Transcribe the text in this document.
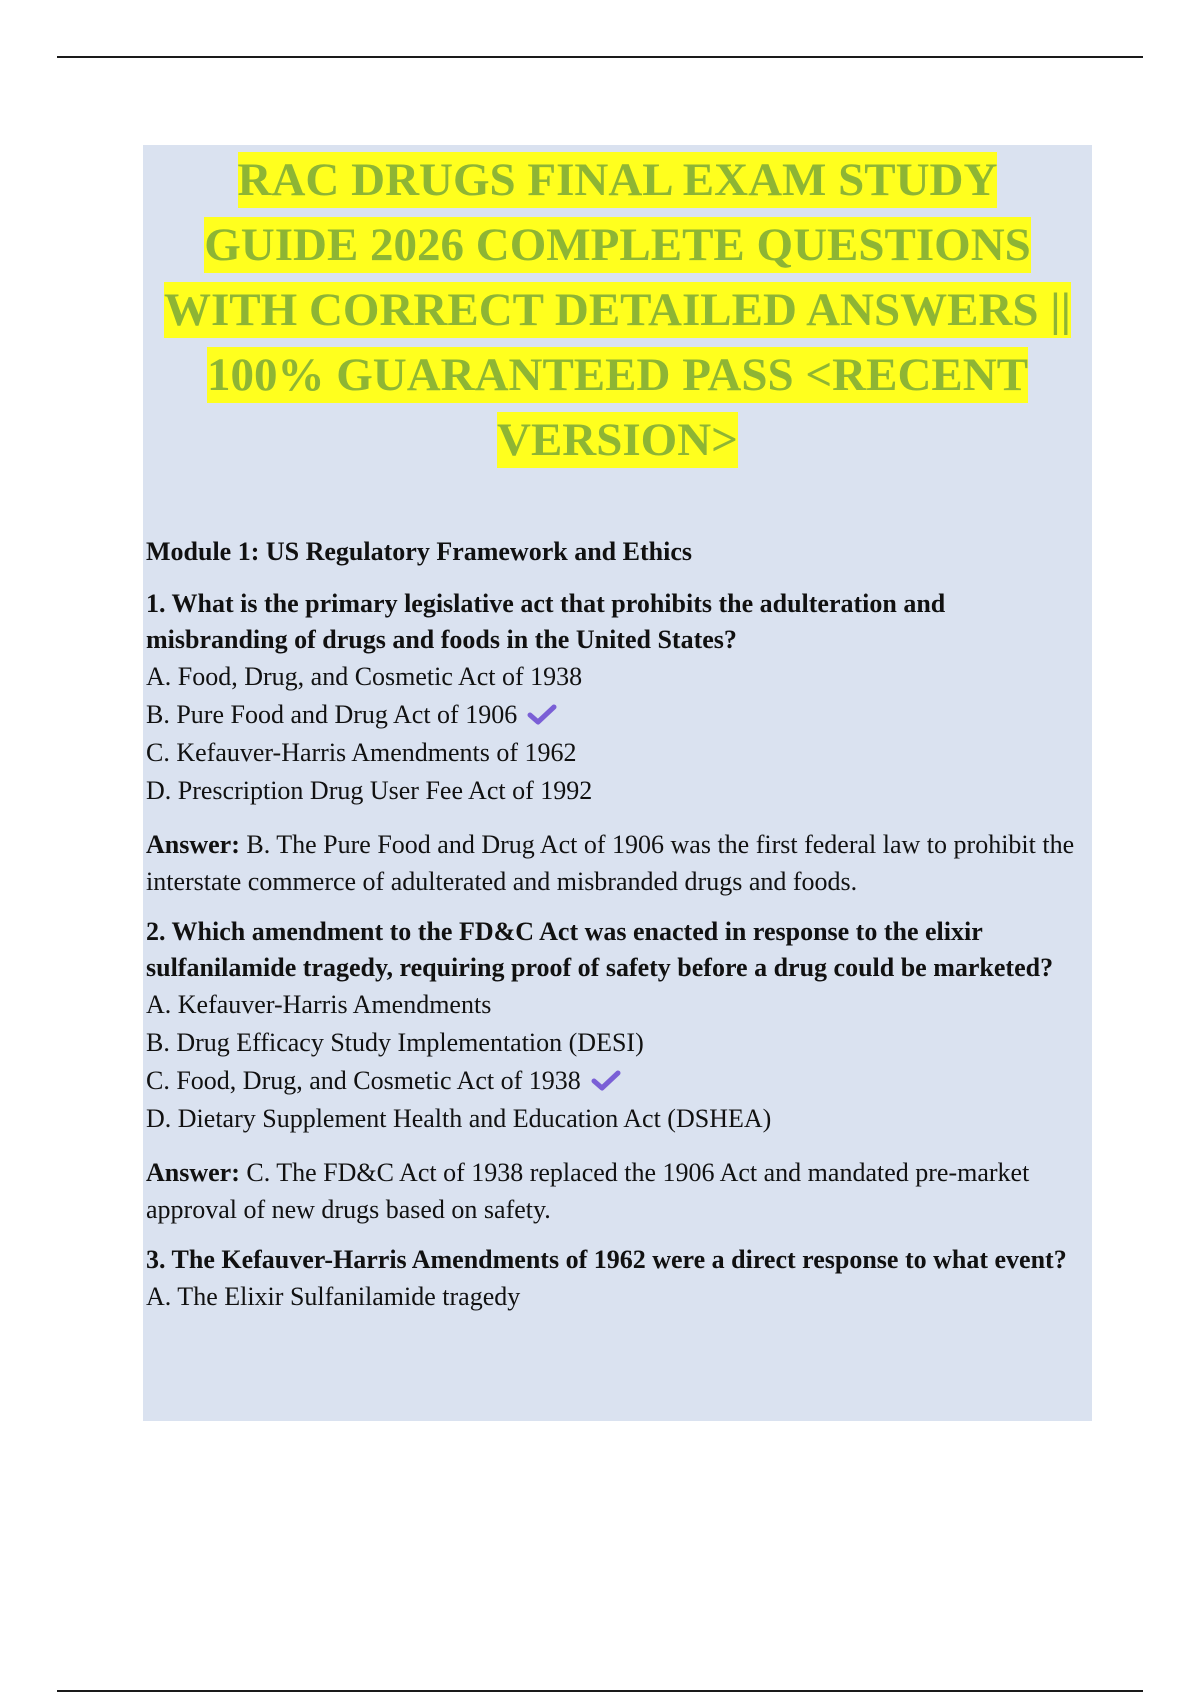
RAC DRUGS FINAL EXAM STUDY
GUIDE 2026 COMPLETE QUESTIONS
WITH CORRECT DETAILED ANSWERS ||
100% GUARANTEED PASS <RECENT
VERSION>

Module 1: US Regulatory Framework and Ethics

1. What is the primary legislative act that prohibits the adulteration and misbranding of drugs and foods in the United States?

A. Food, Drug, and Cosmetic Act of 1938

B. Pure Food and Drug Act of 1906

C. Kefauver-Harris Amendments of 1962

D. Prescription Drug User Fee Act of 1992

Answer: B. The Pure Food and Drug Act of 1906 was the first federal law to prohibit the interstate commerce of adulterated and misbranded drugs and foods.

2. Which amendment to the FD&C Act was enacted in response to the elixir sulfanilamide tragedy, requiring proof of safety before a drug could be marketed?

A. Kefauver-Harris Amendments

B. Drug Efficacy Study Implementation (DESI)

C. Food, Drug, and Cosmetic Act of 1938

D. Dietary Supplement Health and Education Act (DSHEA)

Answer: C. The FD&C Act of 1938 replaced the 1906 Act and mandated pre-market approval of new drugs based on safety.

3. The Kefauver-Harris Amendments of 1962 were a direct response to what event?

A. The Elixir Sulfanilamide tragedy
